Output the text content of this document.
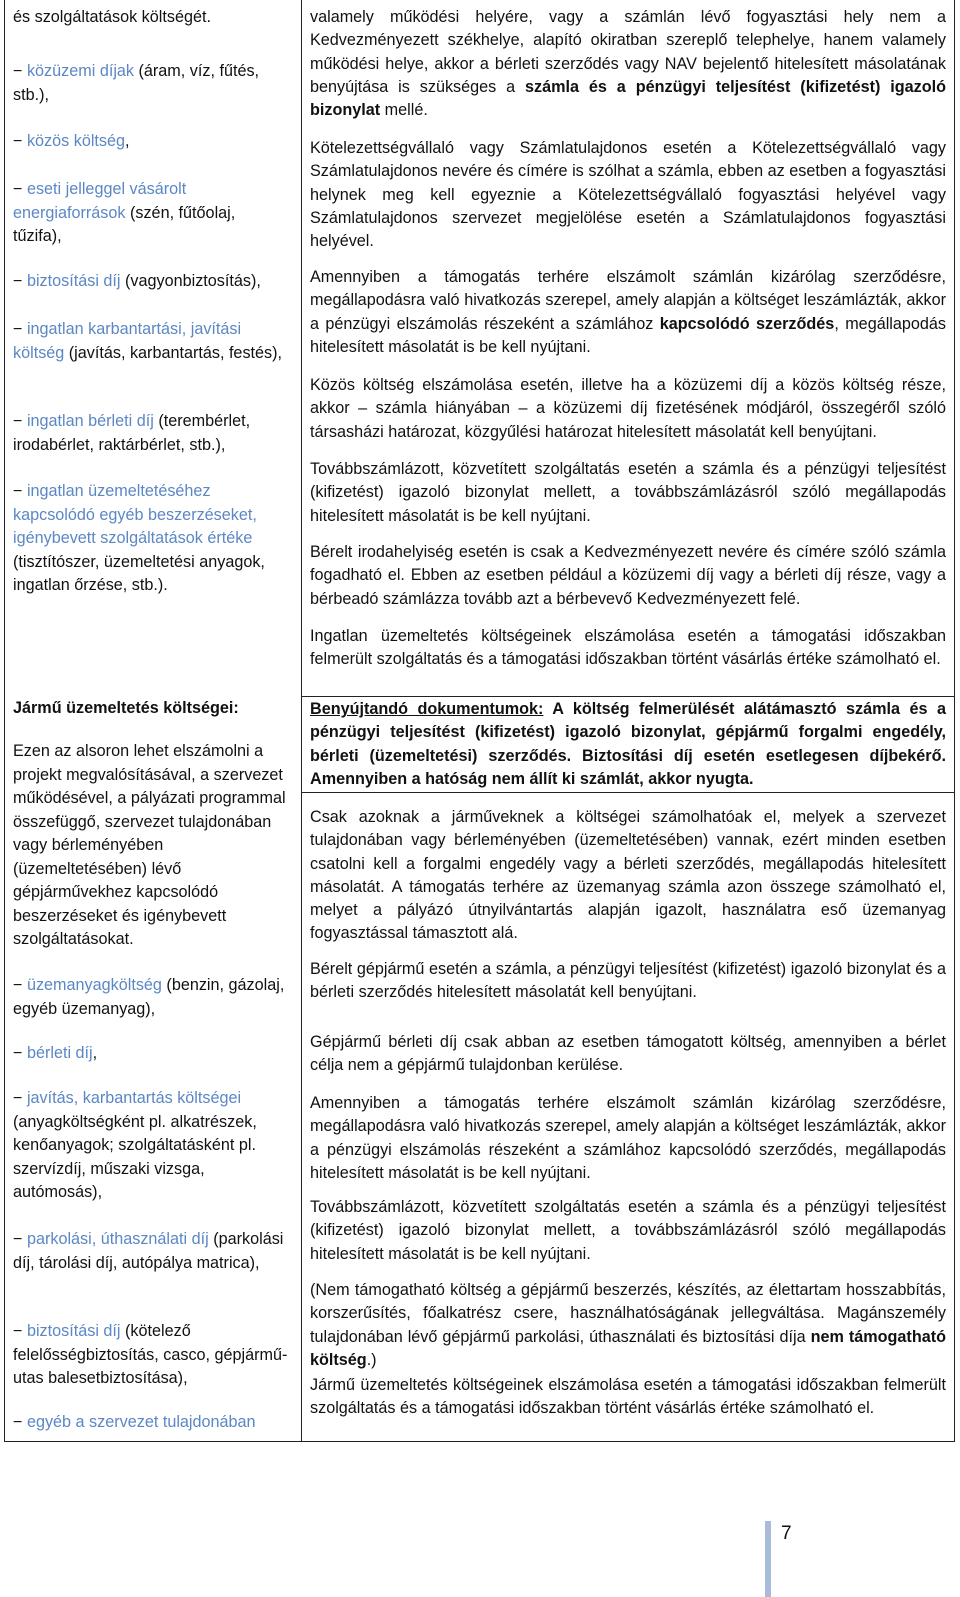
és szolgáltatások költségét.

− közüzemi díjak (áram, víz, fűtés, stb.),

− közös költség,

− eseti jelleggel vásárolt energiaforrások (szén, fűtőolaj, tűzifa),

− biztosítási díj (vagyonbiztosítás),

− ingatlan karbantartási, javítási költség (javítás, karbantartás, festés),

− ingatlan bérleti díj (terembérlet, irodabérlet, raktárbérlet, stb.),

− ingatlan üzemeltetéséhez kapcsolódó egyéb beszerzéseket, igénybevett szolgáltatások értéke (tisztítószer, üzemeltetési anyagok, ingatlan őrzése, stb.).

Jármű üzemeltetés költségei:

Ezen az alsoron lehet elszámolni a projekt megvalósításával, a szervezet működésével, a pályázati programmal összefüggő, szervezet tulajdonában vagy bérleményében (üzemeltetésében) lévő gépjárművekhez kapcsolódó beszerzéseket és igénybevett szolgáltatásokat.

− üzemanyagköltség (benzin, gázolaj, egyéb üzemanyag),

− bérleti díj,

− javítás, karbantartás költségei (anyagköltségként pl. alkatrészek, kenőanyagok; szolgáltatásként pl. szervízdíj, műszaki vizsga, autómosás),

− parkolási, úthasználati díj (parkolási díj, tárolási díj, autópálya matrica),

− biztosítási díj (kötelező felelősségbiztosítás, casco, gépjármű-utas balesetbiztosítása),

− egyéb a szervezet tulajdonában

valamely működési helyére, vagy a számlán lévő fogyasztási hely nem a Kedvezményezett székhelye, alapító okiratban szereplő telephelye, hanem valamely működési helye, akkor a bérleti szerződés vagy NAV bejelentő hitelesített másolatának benyújtása is szükséges a számla és a pénzügyi teljesítést (kifizetést) igazoló bizonylat mellé.

Kötelezettségvállaló vagy Számlatulajdonos esetén a Kötelezettségvállaló vagy Számlatulajdonos nevére és címére is szólhat a számla, ebben az esetben a fogyasztási helynek meg kell egyeznie a Kötelezettségvállaló fogyasztási helyével vagy Számlatulajdonos szervezet megjelölése esetén a Számlatulajdonos fogyasztási helyével.

Amennyiben a támogatás terhére elszámolt számlán kizárólag szerződésre, megállapodásra való hivatkozás szerepel, amely alapján a költséget leszámlázták, akkor a pénzügyi elszámolás részeként a számlához kapcsolódó szerződés, megállapodás hitelesített másolatát is be kell nyújtani.

Közös költség elszámolása esetén, illetve ha a közüzemi díj a közös költség része, akkor – számla hiányában – a közüzemi díj fizetésének módjáról, összegéről szóló társasházi határozat, közgyűlési határozat hitelesített másolatát kell benyújtani.

Továbbszámlázott, közvetített szolgáltatás esetén a számla és a pénzügyi teljesítést (kifizetést) igazoló bizonylat mellett, a továbbszámlázásról szóló megállapodás hitelesített másolatát is be kell nyújtani.

Bérelt irodahelyiség esetén is csak a Kedvezményezett nevére és címére szóló számla fogadható el. Ebben az esetben például a közüzemi díj vagy a bérleti díj része, vagy a bérbeadó számlázza tovább azt a bérbevevő Kedvezményezett felé.

Ingatlan üzemeltetés költségeinek elszámolása esetén a támogatási időszakban felmerült szolgáltatás és a támogatási időszakban történt vásárlás értéke számolható el.

Benyújtandó dokumentumok: A költség felmerülését alátámasztó számla és a pénzügyi teljesítést (kifizetést) igazoló bizonylat, gépjármű forgalmi engedély, bérleti (üzemeltetési) szerződés. Biztosítási díj esetén esetlegesen díjbekérő. Amennyiben a hatóság nem állít ki számlát, akkor nyugta.

Csak azoknak a járműveknek a költségei számolhatóak el, melyek a szervezet tulajdonában vagy bérleményében (üzemeltetésében) vannak, ezért minden esetben csatolni kell a forgalmi engedély vagy a bérleti szerződés, megállapodás hitelesített másolatát. A támogatás terhére az üzemanyag számla azon összege számolható el, melyet a pályázó útnyilvántartás alapján igazolt, használatra eső üzemanyag fogyasztással támasztott alá.

Bérelt gépjármű esetén a számla, a pénzügyi teljesítést (kifizetést) igazoló bizonylat és a bérleti szerződés hitelesített másolatát kell benyújtani.

Gépjármű bérleti díj csak abban az esetben támogatott költség, amennyiben a bérlet célja nem a gépjármű tulajdonban kerülése.

Amennyiben a támogatás terhére elszámolt számlán kizárólag szerződésre, megállapodásra való hivatkozás szerepel, amely alapján a költséget leszámlázták, akkor a pénzügyi elszámolás részeként a számlához kapcsolódó szerződés, megállapodás hitelesített másolatát is be kell nyújtani.

Továbbszámlázott, közvetített szolgáltatás esetén a számla és a pénzügyi teljesítést (kifizetést) igazoló bizonylat mellett, a továbbszámlázásról szóló megállapodás hitelesített másolatát is be kell nyújtani.

(Nem támogatható költség a gépjármű beszerzés, készítés, az élettartam hosszabbítás, korszerűsítés, főalkatrész csere, használhatóságának jellegváltása. Magánszemély tulajdonában lévő gépjármű parkolási, úthasználati és biztosítási díja nem támogatható költség.)

Jármű üzemeltetés költségeinek elszámolása esetén a támogatási időszakban felmerült szolgáltatás és a támogatási időszakban történt vásárlás értéke számolható el.

7
